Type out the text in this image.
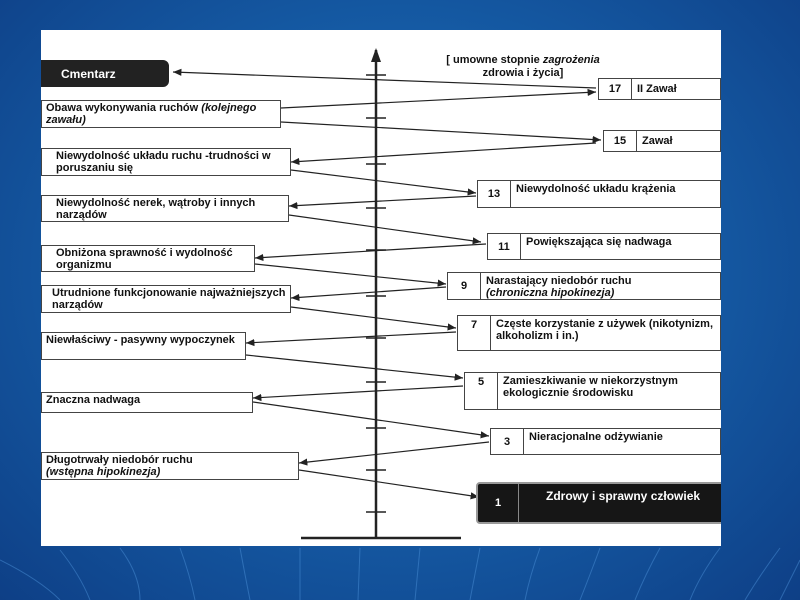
[ umowne stopnie zagrożenia
zdrowia i życia]
Cmentarz
Obawa wykonywania ruchów (kolejnego zawału)
Niewydolność układu ruchu -trudności w poruszaniu się
Niewydolność nerek, wątroby i innych narządów
Obniżona sprawność i wydolność organizmu
Utrudnione funkcjonowanie najważniejszych narządów
Niewłaściwy - pasywny wypoczynek
Znaczna nadwaga
Długotrwały niedobór ruchu
(wstępna hipokinezja)
17	II Zawał
15	Zawał
13	Niewydolność układu krążenia
11	Powiększająca się nadwaga
9	Narastający niedobór ruchu
(chroniczna hipokinezja)
7	Częste korzystanie z używek (nikotynizm, alkoholizm i in.)
5	Zamieszkiwanie w niekorzystnym ekologicznie środowisku
3	Nieracjonalne odżywianie
1	Zdrowy i sprawny człowiek
